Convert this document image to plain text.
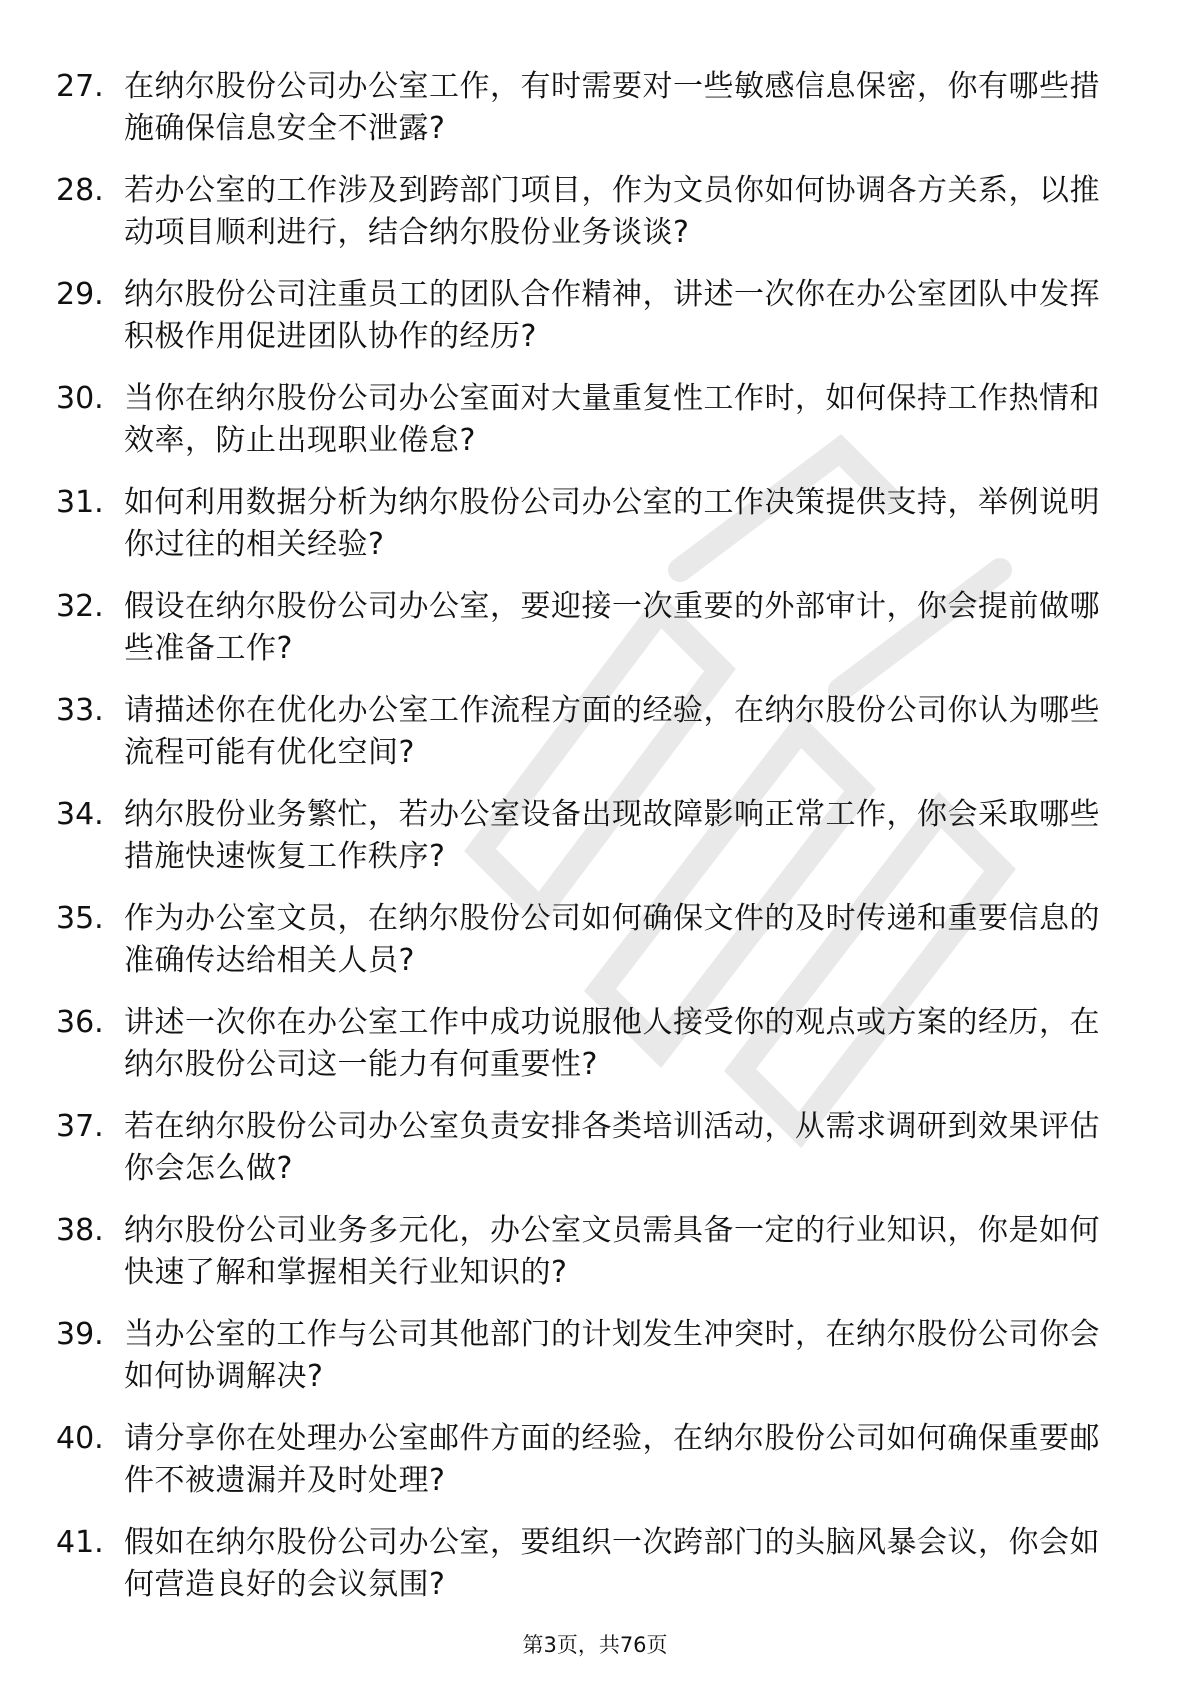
27. 在纳尔股份公司办公室工作，有时需要对一些敏感信息保密，你有哪些措施确保信息安全不泄露?
28. 若办公室的工作涉及到跨部门项目，作为文员你如何协调各方关系，以推动项目顺利进行，结合纳尔股份业务谈谈?
29. 纳尔股份公司注重员工的团队合作精神，讲述一次你在办公室团队中发挥积极作用促进团队协作的经历?
30. 当你在纳尔股份公司办公室面对大量重复性工作时，如何保持工作热情和效率，防止出现职业倦怠?
31. 如何利用数据分析为纳尔股份公司办公室的工作决策提供支持，举例说明你过往的相关经验?
32. 假设在纳尔股份公司办公室，要迎接一次重要的外部审计，你会提前做哪些准备工作?
33. 请描述你在优化办公室工作流程方面的经验，在纳尔股份公司你认为哪些流程可能有优化空间?
34. 纳尔股份业务繁忙，若办公室设备出现故障影响正常工作，你会采取哪些措施快速恢复工作秩序?
35. 作为办公室文员，在纳尔股份公司如何确保文件的及时传递和重要信息的准确传达给相关人员?
36. 讲述一次你在办公室工作中成功说服他人接受你的观点或方案的经历，在纳尔股份公司这一能力有何重要性?
37. 若在纳尔股份公司办公室负责安排各类培训活动，从需求调研到效果评估你会怎么做?
38. 纳尔股份公司业务多元化，办公室文员需具备一定的行业知识，你是如何快速了解和掌握相关行业知识的?
39. 当办公室的工作与公司其他部门的计划发生冲突时，在纳尔股份公司你会如何协调解决?
40. 请分享你在处理办公室邮件方面的经验，在纳尔股份公司如何确保重要邮件不被遗漏并及时处理?
41. 假如在纳尔股份公司办公室，要组织一次跨部门的头脑风暴会议，你会如何营造良好的会议氛围?
第3页，共76页
